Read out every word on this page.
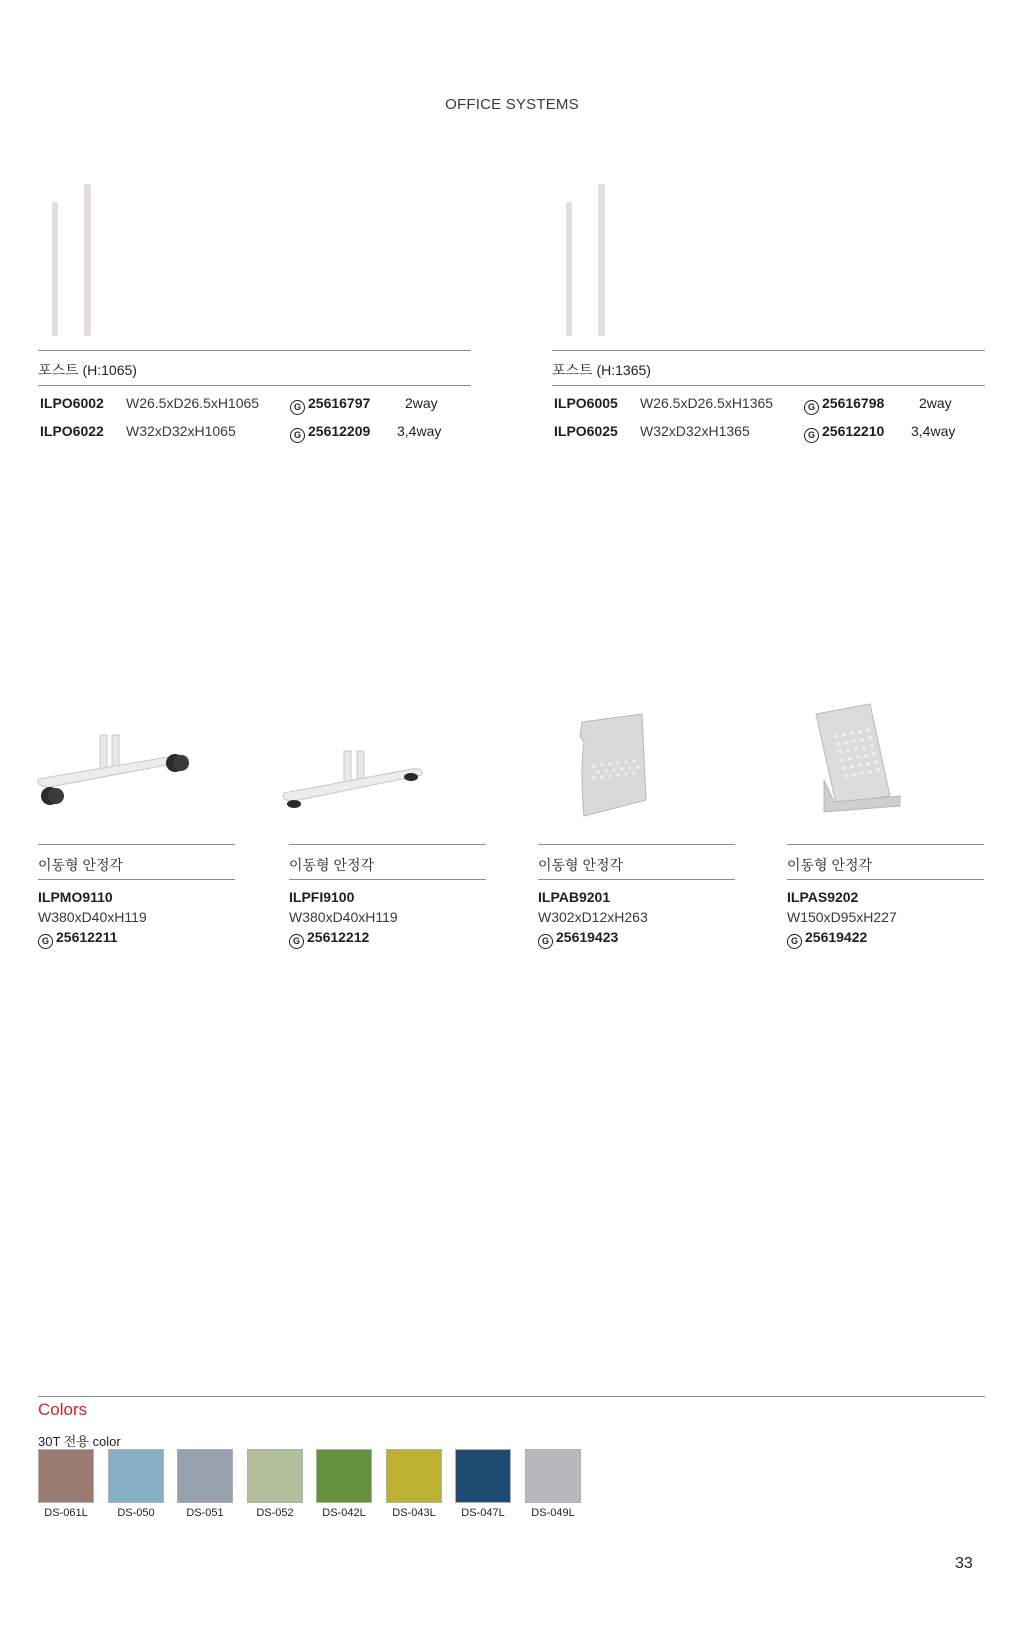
OFFICE SYSTEMS
포스트 (H:1065)
ILPO6002 W26.5xD26.5xH1065	G 25616797 2way
ILPO6022 W32xD32xH1065	G 25612209 3,4way
포스트 (H:1365)
ILPO6005 W26.5xD26.5xH1365	G 25616798 2way
ILPO6025 W32xD32xH1365	G 25612210 3,4way
이동형 안정각
ILPMO9110
W380xD40xH119
G 25612211
이동형 안정각
ILPFI9100
W380xD40xH119
G 25612212
이동형 안정각
ILPAB9201
W302xD12xH263
G 25619423
이동형 안정각
ILPAS9202
W150xD95xH227
G 25619422
Colors
30T 전용 color
DS-061L	DS-050	DS-051	DS-052	DS-042L	DS-043L	DS-047L	DS-049L
33
